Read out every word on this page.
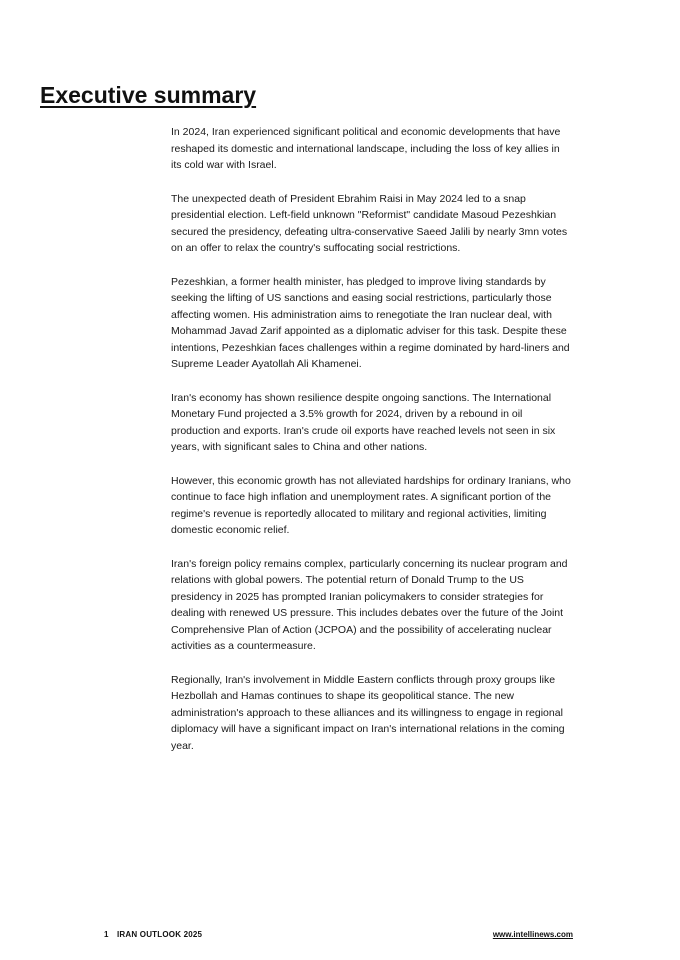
Executive summary

In 2024, Iran experienced significant political and economic developments that have reshaped its domestic and international landscape, including the loss of key allies in its cold war with Israel.

The unexpected death of President Ebrahim Raisi in May 2024 led to a snap presidential election. Left-field unknown "Reformist" candidate Masoud Pezeshkian secured the presidency, defeating ultra-conservative Saeed Jalili by nearly 3mn votes on an offer to relax the country's suffocating social restrictions.

Pezeshkian, a former health minister, has pledged to improve living standards by seeking the lifting of US sanctions and easing social restrictions, particularly those affecting women. His administration aims to renegotiate the Iran nuclear deal, with Mohammad Javad Zarif appointed as a diplomatic adviser for this task. Despite these intentions, Pezeshkian faces challenges within a regime dominated by hard-liners and Supreme Leader Ayatollah Ali Khamenei.

Iran's economy has shown resilience despite ongoing sanctions. The International Monetary Fund projected a 3.5% growth for 2024, driven by a rebound in oil production and exports. Iran's crude oil exports have reached levels not seen in six years, with significant sales to China and other nations.

However, this economic growth has not alleviated hardships for ordinary Iranians, who continue to face high inflation and unemployment rates. A significant portion of the regime's revenue is reportedly allocated to military and regional activities, limiting domestic economic relief.

Iran's foreign policy remains complex, particularly concerning its nuclear program and relations with global powers. The potential return of Donald Trump to the US presidency in 2025 has prompted Iranian policymakers to consider strategies for dealing with renewed US pressure. This includes debates over the future of the Joint Comprehensive Plan of Action (JCPOA) and the possibility of accelerating nuclear activities as a countermeasure.

Regionally, Iran's involvement in Middle Eastern conflicts through proxy groups like Hezbollah and Hamas continues to shape its geopolitical stance. The new administration's approach to these alliances and its willingness to engage in regional diplomacy will have a significant impact on Iran's international relations in the coming year.

1 IRAN OUTLOOK 2025	www.intellinews.com
